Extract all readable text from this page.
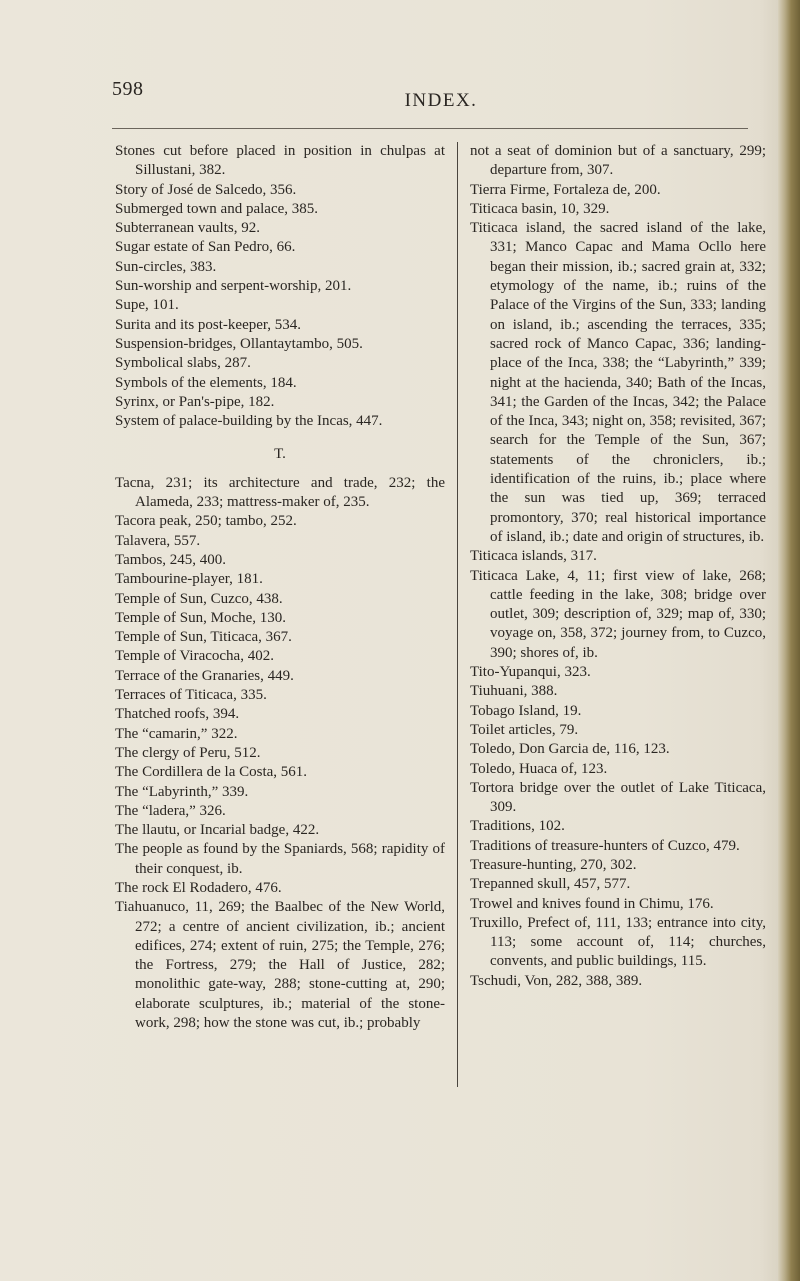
598
INDEX.

Stones cut before placed in position in chulpas at Sillustani, 382.

Story of José de Salcedo, 356.

Submerged town and palace, 385.

Subterranean vaults, 92.

Sugar estate of San Pedro, 66.

Sun-circles, 383.

Sun-worship and serpent-worship, 201.

Supe, 101.

Surita and its post-keeper, 534.

Suspension-bridges, Ollantaytambo, 505.

Symbolical slabs, 287.

Symbols of the elements, 184.

Syrinx, or Pan's-pipe, 182.

System of palace-building by the Incas, 447.

T.

Tacna, 231; its architecture and trade, 232; the Alameda, 233; mattress-maker of, 235.

Tacora peak, 250; tambo, 252.

Talavera, 557.

Tambos, 245, 400.

Tambourine-player, 181.

Temple of Sun, Cuzco, 438.

Temple of Sun, Moche, 130.

Temple of Sun, Titicaca, 367.

Temple of Viracocha, 402.

Terrace of the Granaries, 449.

Terraces of Titicaca, 335.

Thatched roofs, 394.

The “camarin,” 322.

The clergy of Peru, 512.

The Cordillera de la Costa, 561.

The “Labyrinth,” 339.

The “ladera,” 326.

The llautu, or Incarial badge, 422.

The people as found by the Spaniards, 568; rapidity of their conquest, ib.

The rock El Rodadero, 476.

Tiahuanuco, 11, 269; the Baalbec of the New World, 272; a centre of ancient civilization, ib.; ancient edifices, 274; extent of ruin, 275; the Temple, 276; the Fortress, 279; the Hall of Justice, 282; monolithic gate-way, 288; stone-cutting at, 290; elaborate sculptures, ib.; material of the stone-work, 298; how the stone was cut, ib.; probably

not a seat of dominion but of a sanctuary, 299; departure from, 307.

Tierra Firme, Fortaleza de, 200.

Titicaca basin, 10, 329.

Titicaca island, the sacred island of the lake, 331; Manco Capac and Mama Ocllo here began their mission, ib.; sacred grain at, 332; etymology of the name, ib.; ruins of the Palace of the Virgins of the Sun, 333; landing on island, ib.; ascending the terraces, 335; sacred rock of Manco Capac, 336; landing-place of the Inca, 338; the “Labyrinth,” 339; night at the hacienda, 340; Bath of the Incas, 341; the Garden of the Incas, 342; the Palace of the Inca, 343; night on, 358; revisited, 367; search for the Temple of the Sun, 367; statements of the chroniclers, ib.; identification of the ruins, ib.; place where the sun was tied up, 369; terraced promontory, 370; real historical importance of island, ib.; date and origin of structures, ib.

Titicaca islands, 317.

Titicaca Lake, 4, 11; first view of lake, 268; cattle feeding in the lake, 308; bridge over outlet, 309; description of, 329; map of, 330; voyage on, 358, 372; journey from, to Cuzco, 390; shores of, ib.

Tito-Yupanqui, 323.

Tiuhuani, 388.

Tobago Island, 19.

Toilet articles, 79.

Toledo, Don Garcia de, 116, 123.

Toledo, Huaca of, 123.

Tortora bridge over the outlet of Lake Titicaca, 309.

Traditions, 102.

Traditions of treasure-hunters of Cuzco, 479.

Treasure-hunting, 270, 302.

Trepanned skull, 457, 577.

Trowel and knives found in Chimu, 176.

Truxillo, Prefect of, 111, 133; entrance into city, 113; some account of, 114; churches, convents, and public buildings, 115.

Tschudi, Von, 282, 388, 389.
